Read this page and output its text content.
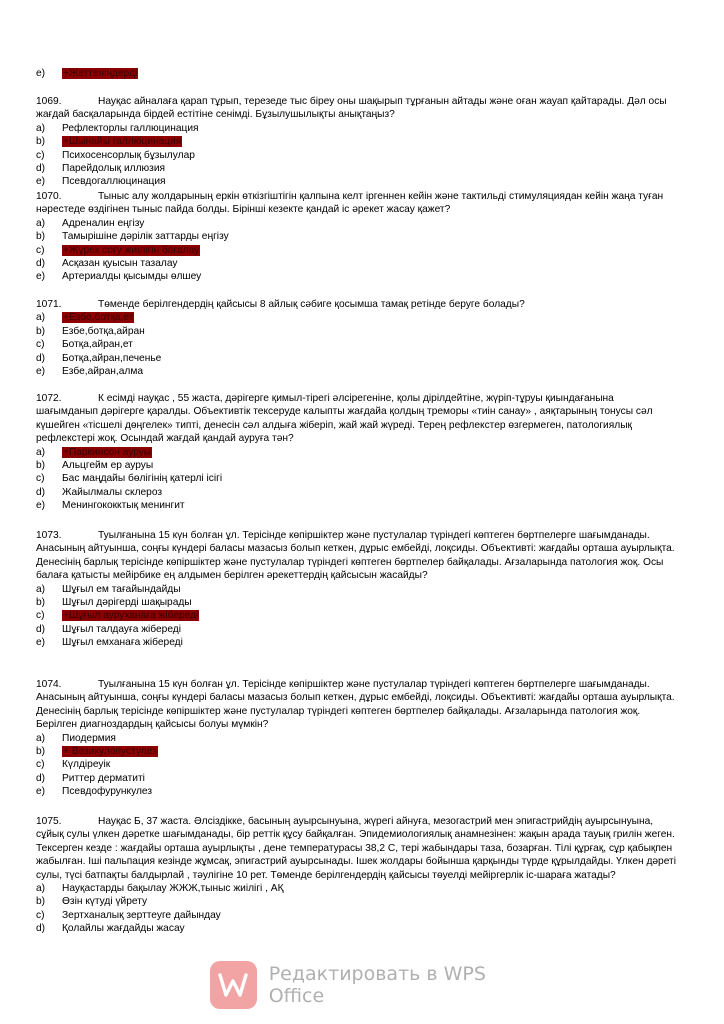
e)	+Жеттеніңдерді
1069.	Науқас айналаға қарап тұрып, терезеде тыс біреу оны шақырып тұрғанын айтады және оған жауап қайтарады. Дәл осы жағдай басқаларында бірдей естітіне сенімді. Бұзылушылықты анықтаңыз?
a)	Рефлекторлы галлюцинация
b)	+Шынайы галлюцинация
c)	Психосенсорлық бұзылулар
d)	Парейдолық иллюзия
e)	Псевдогаллюцинация
1070.	Тыныс алу жолдарының еркін өткізгіштігін қалпына келт іргеннен кейін және тактильді стимуляциядан кейін жаңа туған нәрестеде өздігінен тыныс пайда болды. Бірінші кезекте қандай іс әрекет жасау қажет?
a)	Адреналин еңгізу
b)	Тамырішіне дәрілік заттарды еңгізу
c)	+Жүрек соғу жиілігін бағалау
d)	Асқазан қуысын тазалау
e)	Артериалды қысымды өлшеу
1071.	Төменде берілгендердің қайсысы 8 айлық сәбиге қосымша тамақ ретінде беруге болады?
a)	+Езбе,ботқа,ет
b)	Езбе,ботқа,айран
c)	Ботқа,айран,ет
d)	Ботқа,айран,печенье
e)	Езбе,айран,алма
1072.	К есімді науқас , 55 жаста, дәрігерге қимыл-тірегі әлсірегеніне, қолы дірілдейтіне, жүріп-тұруы қиындағанына шағымданып дәрігерге қаралды. Объективтік тексеруде калыпты жағдайа қолдың треморы «тиін санау» , аяқтарының тонусы сәл күшейген «тісшелі дөңгелек» типті, денесін сәл алдыға жіберіп, жай жай жүреді. Терең рефлекстер өзгермеген, патологиялық рефлекстері жоқ. Осындай жағдай қандай ауруға тән?
a)	+Паркинсон ауруы
b)	Альцгейм ер ауруы
c)	Бас маңдайы бөлігінің қатерлі ісігі
d)	Жайылмалы склероз
e)	Менингококктық менингит
1073.	Туылғанына 15 күн болған ұл. Терісінде көпіршіктер және пустулалар түріндегі көптеген бөртпелерге шағымданады. Анасының айтуынша, соңғы күндері баласы мазасыз болып кеткен, дұрыс ембейді, лоқсиды. Объективті: жағдайы орташа ауырлықта. Денесінің барлық терісінде көпіршіктер және пустулалар түріндегі көптеген бөртпелер байқалады. Ағзаларында патология жоқ. Осы балаға қатысты мейірбике ең алдымен берілген әрекеттердің қайсысын жасайды?
a)	Шұғыл ем тағайындайды
b)	Шұғыл дәрігерді шақырады
c)	+Шұғыл ауруханаға жібереді
d)	Шұғыл талдауға жібереді
e)	Шұғыл емханаға жібереді
1074.	Туылғанына 15 күн болған ұл. Терісінде көпіршіктер және пустулалар түріндегі көптеген бөртпелерге шағымданады. Анасының айтуынша, соңғы күндері баласы мазасыз болып кеткен, дұрыс ембейді, лоқсиды. Объективті: жағдайы орташа ауырлықта. Денесінің барлық терісінде көпіршіктер және пустулалар түріндегі көптеген бөртпелер байқалады. Ағзаларында патология жоқ. Берілген диагноздардың қайсысы болуы мүмкін?
a)	Пиодермия
b)	+ Везикулопустулез
c)	Күлдіреуік
d)	Риттер дерматиті
e)	Псевдофурункулез
1075.	Науқас Б, 37 жаста. Әлсіздікке, басының ауырсынуына, жүрегі айнуға, мезогастрий мен эпигастрийдің ауырсынуына, сұйық сулы үлкен дәретке шағымданады, бір реттік құсу байқалған. Эпидемиологиялық анамнезінен: жақын арада тауық грилін жеген. Тексерген кезде : жағдайы орташа ауырлықты , дене температурасы 38,2 С, тері жабындары таза, бозарған. Тілі құрғақ, сұр қабықпен жабылған. Іші пальпация кезінде жұмсақ, эпигастрий ауырсынады. Ішек жолдары бойынша қарқынды түрде құрылдайды. Үлкен дәреті сулы, түсі батпақты балдырлай , тәулігіне 10 рет. Төменде берілгендердің қайсысы төуелді мейіргерлік іс-шараға жатады?
a)	Науқастарды бақылау ЖЖЖ,тыныс жиілігі , АҚ
b)	Өзін күтуді үйрету
c)	Зертханалық зерттеуге дайындау
d)	Қолайлы жағдайды жасау
Редактировать в WPS Office
